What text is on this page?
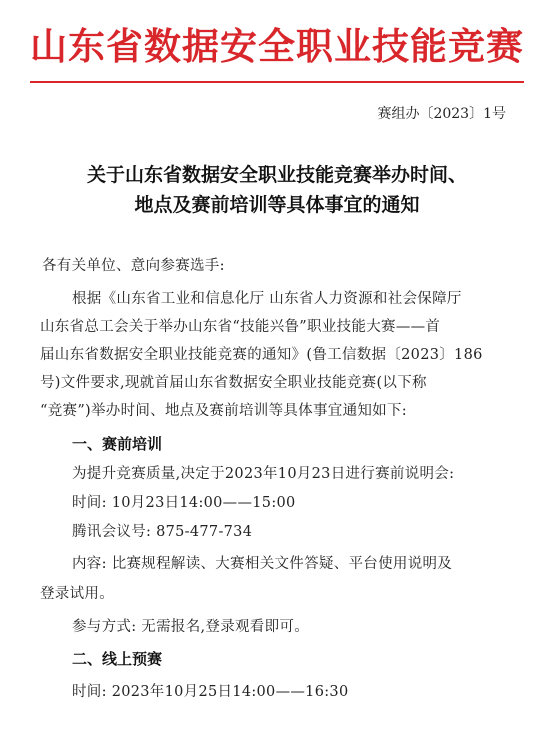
山东省数据安全职业技能竞赛
赛组办〔2023〕1号
关于山东省数据安全职业技能竞赛举办时间、
地点及赛前培训等具体事宜的通知
各有关单位、意向参赛选手:
根据《山东省工业和信息化厅 山东省人力资源和社会保障厅
山东省总工会关于举办山东省“技能兴鲁”职业技能大赛——首
届山东省数据安全职业技能竞赛的通知》(鲁工信数据〔2023〕186
号)文件要求,现就首届山东省数据安全职业技能竞赛(以下称
“竞赛”)举办时间、地点及赛前培训等具体事宜通知如下:
一、赛前培训
为提升竞赛质量,决定于2023年10月23日进行赛前说明会:
时间: 10月23日14:00——15:00
腾讯会议号: 875-477-734
内容: 比赛规程解读、大赛相关文件答疑、平台使用说明及
登录试用。
参与方式: 无需报名,登录观看即可。
二、线上预赛
时间: 2023年10月25日14:00——16:30
